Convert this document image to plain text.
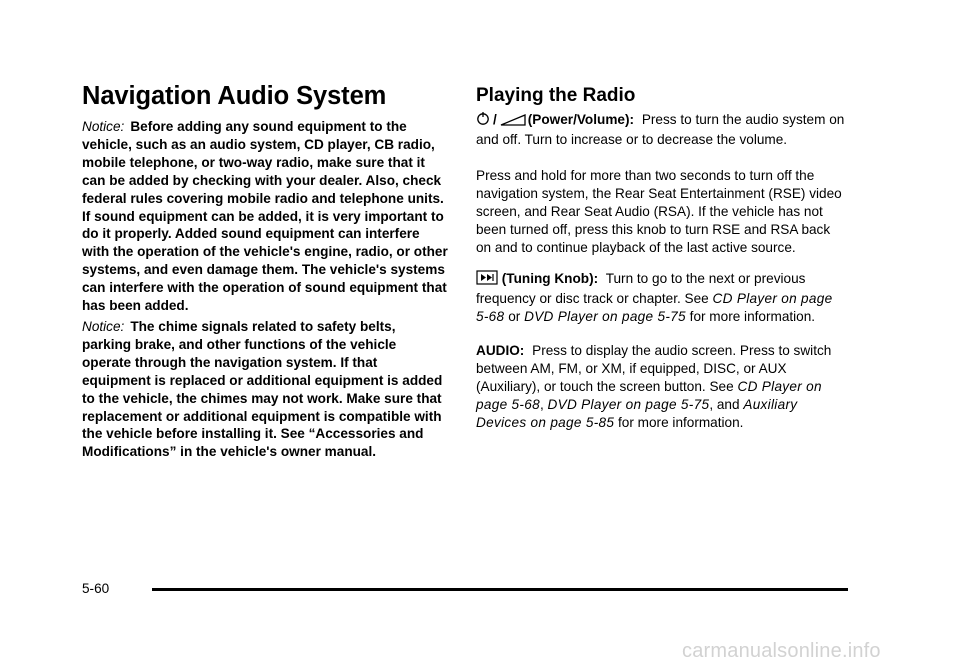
Navigation Audio System
Notice: Before adding any sound equipment to the vehicle, such as an audio system, CD player, CB radio, mobile telephone, or two-way radio, make sure that it can be added by checking with your dealer. Also, check federal rules covering mobile radio and telephone units. If sound equipment can be added, it is very important to do it properly. Added sound equipment can interfere with the operation of the vehicle's engine, radio, or other systems, and even damage them. The vehicle's systems can interfere with the operation of sound equipment that has been added.
Notice: The chime signals related to safety belts, parking brake, and other functions of the vehicle operate through the navigation system. If that equipment is replaced or additional equipment is added to the vehicle, the chimes may not work. Make sure that replacement or additional equipment is compatible with the vehicle before installing it. See “Accessories and Modifications” in the vehicle's owner manual.
Playing the Radio
/ (Power/Volume): Press to turn the audio system on and off. Turn to increase or to decrease the volume.
Press and hold for more than two seconds to turn off the navigation system, the Rear Seat Entertainment (RSE) video screen, and Rear Seat Audio (RSA). If the vehicle has not been turned off, press this knob to turn RSE and RSA back on and to continue playback of the last active source.
(Tuning Knob): Turn to go to the next or previous frequency or disc track or chapter. See CD Player on page 5-68 or DVD Player on page 5-75 for more information.
AUDIO: Press to display the audio screen. Press to switch between AM, FM, or XM, if equipped, DISC, or AUX (Auxiliary), or touch the screen button. See CD Player on page 5-68, DVD Player on page 5-75, and Auxiliary Devices on page 5-85 for more information.
5-60
carmanualsonline.info
